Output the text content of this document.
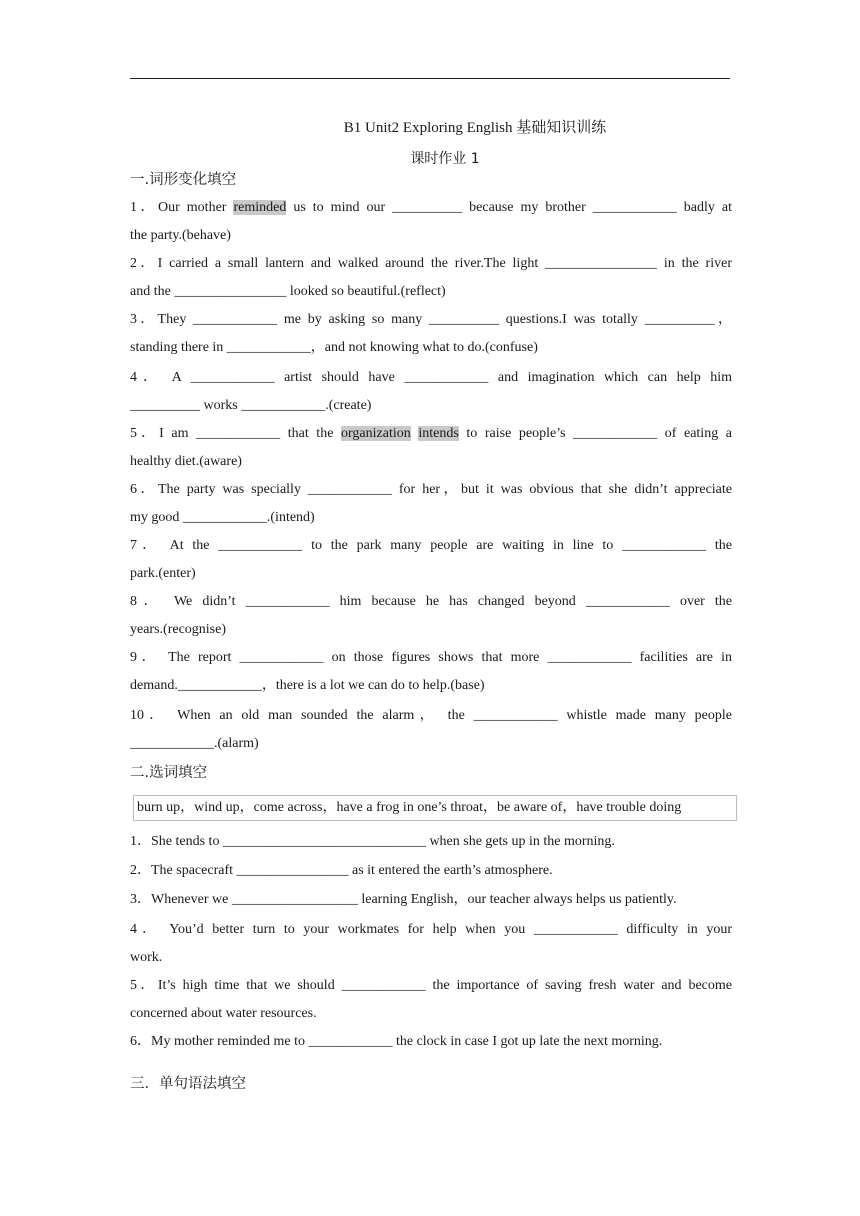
B1 Unit2 Exploring English 基础知识训练
课时作业 1
一.词形变化填空
1．Our mother reminded us to mind our __________ because my brother ____________ badly at
the party.(behave)
2．I carried a small lantern and walked around the river.The light ________________ in the river
and the ________________ looked so beautiful.(reflect)
3．They ____________ me by asking so many __________ questions.I was totally __________，
standing there in ____________，and not knowing what to do.(confuse)
4． A ____________ artist should have ____________ and imagination which can help him
__________ works ____________.(create)
5．I am ____________ that the organization intends to raise people’s ____________ of eating a
healthy diet.(aware)
6．The party was specially ____________ for her，but it was obvious that she didn’t appreciate
my good ____________.(intend)
7． At the ____________ to the park many people are waiting in line to ____________ the
park.(enter)
8． We didn’t ____________ him because he has changed beyond ____________ over the
years.(recognise)
9． The report ____________ on those figures shows that more ____________ facilities are in
demand.____________，there is a lot we can do to help.(base)
10． When an old man sounded the alarm， the ____________ whistle made many people
____________.(alarm)
二.选词填空
burn up，wind up，come across，have a frog in one’s throat，be aware of，have trouble doing
1．She tends to _____________________________ when she gets up in the morning.
2．The spacecraft ________________ as it entered the earth’s atmosphere.
3．Whenever we __________________ learning English，our teacher always helps us patiently.
4． You’d better turn to your workmates for help when you ____________ difficulty in your
work.
5．It’s high time that we should ____________ the importance of saving fresh water and become
concerned about water resources.
6．My mother reminded me to ____________ the clock in case I got up late the next morning.
三．单句语法填空
